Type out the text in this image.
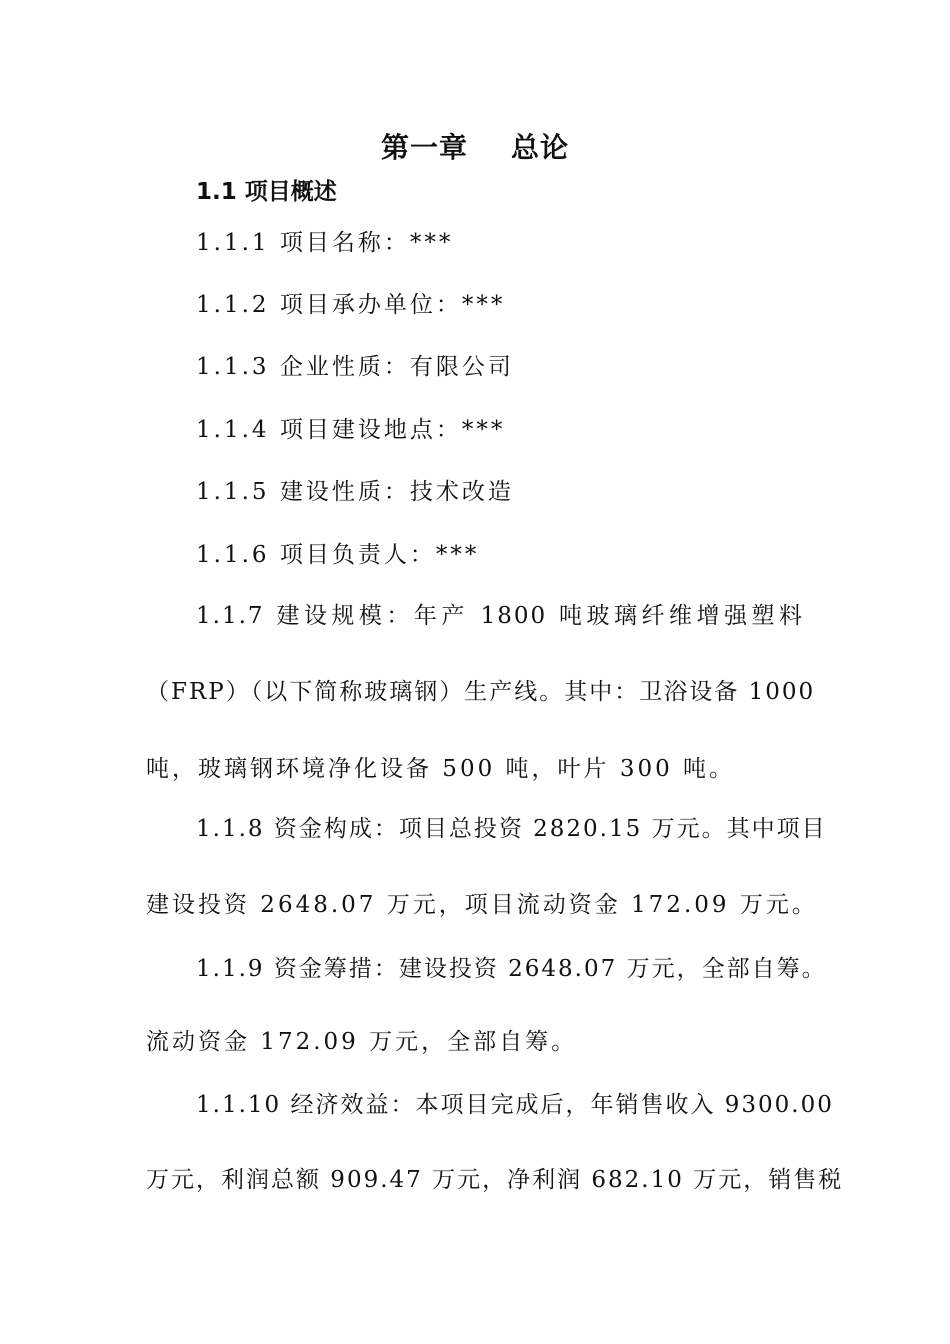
第一章    总论
1.1 项目概述
1.1.1 项目名称：***
1.1.2 项目承办单位：***
1.1.3 企业性质：有限公司
1.1.4 项目建设地点：***
1.1.5 建设性质：技术改造
1.1.6 项目负责人：***
1.1.7 建设规模：年产 1800 吨玻璃纤维增强塑料
（FRP）（以下简称玻璃钢）生产线。其中：卫浴设备 1000
吨，玻璃钢环境净化设备 500 吨，叶片 300 吨。
1.1.8 资金构成：项目总投资 2820.15 万元。其中项目
建设投资 2648.07 万元，项目流动资金 172.09 万元。
1.1.9 资金筹措：建设投资 2648.07 万元，全部自筹。
流动资金 172.09 万元，全部自筹。
1.1.10 经济效益：本项目完成后，年销售收入 9300.00
万元，利润总额 909.47 万元，净利润 682.10 万元，销售税
